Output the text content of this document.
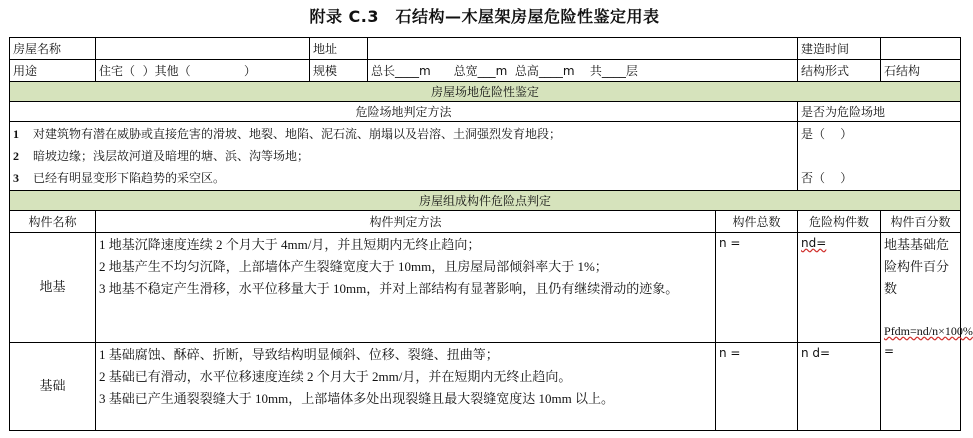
附录 C.3　石结构—木屋架房屋危险性鉴定用表
房屋名称		地址			建造时间	
用途	住宅（  ）其他（              ）	规模	总长____m      总宽___m  总高____m    共____层		结构形式	石结构
房屋场地危险性鉴定						
危险场地判定方法					是否为危险场地	

1 对建筑物有潜在威胁或直接危害的滑坡、地裂、地陷、泥石流、崩塌以及岩溶、土洞强烈发育地段；
2 暗坡边缘；浅层故河道及暗埋的塘、浜、沟等场地；
3 已经有明显变形下陷趋势的采空区。					是（    ）

否（    ）	

房屋组成构件危险点判定						
构件名称	构件判定方法			构件总数	危险构件数	构件百分数
地基	1 地基沉降速度连续 2 个月大于 4mm/月，并且短期内无终止趋向；
2 地基产生不均匀沉降，上部墙体产生裂缝宽度大于 10mm，且房屋局部倾斜率大于 1%；
3 地基不稳定产生滑移，水平位移量大于 10mm，并对上部结构有显著影响，且仍有继续滑动的迹象。			n =	nd=	地基基础危险构件百分数

Pfdm=nd/n×100%
=

基础	1 基础腐蚀、酥碎、折断，导致结构明显倾斜、位移、裂缝、扭曲等；
2 基础已有滑动，水平位移速度连续 2 个月大于 2mm/月，并在短期内无终止趋向。
3 基础已产生通裂裂缝大于 10mm，上部墙体多处出现裂缝且最大裂缝宽度达 10mm 以上。			n =	n d=	
